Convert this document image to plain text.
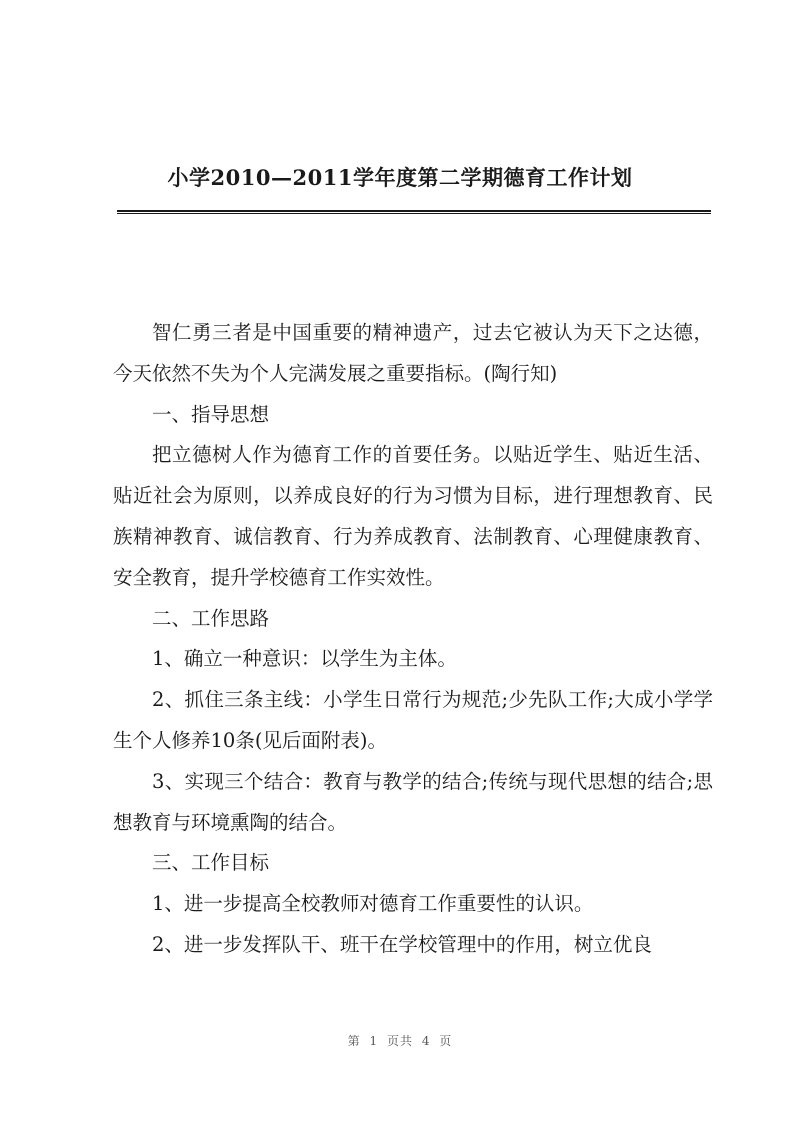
小学2010—2011学年度第二学期德育工作计划

智仁勇三者是中国重要的精神遗产，过去它被认为天下之达德，今天依然不失为个人完满发展之重要指标。(陶行知)

一、指导思想

把立德树人作为德育工作的首要任务。以贴近学生、贴近生活、贴近社会为原则，以养成良好的行为习惯为目标，进行理想教育、民族精神教育、诚信教育、行为养成教育、法制教育、心理健康教育、安全教育，提升学校德育工作实效性。

二、工作思路

1、确立一种意识：以学生为主体。

2、抓住三条主线：小学生日常行为规范;少先队工作;大成小学学生个人修养10条(见后面附表)。

3、实现三个结合：教育与教学的结合;传统与现代思想的结合;思想教育与环境熏陶的结合。

三、工作目标

1、进一步提高全校教师对德育工作重要性的认识。

2、进一步发挥队干、班干在学校管理中的作用，树立优良

第 1 页共 4 页
